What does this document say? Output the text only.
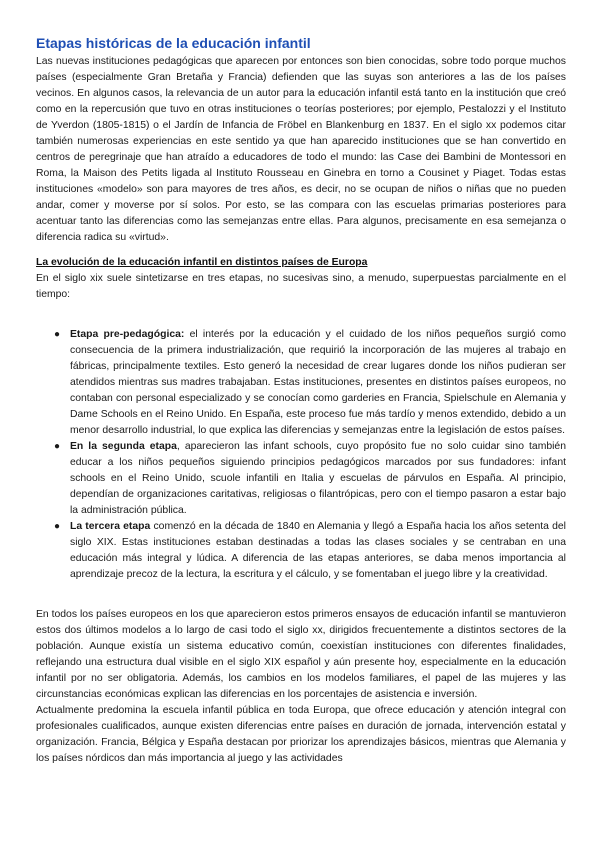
Etapas históricas de la educación infantil

Las nuevas instituciones pedagógicas que aparecen por entonces son bien conocidas, sobre todo porque muchos países (especialmente Gran Bretaña y Francia) defienden que las suyas son anteriores a las de los países vecinos. En algunos casos, la relevancia de un autor para la educación infantil está tanto en la institución que creó como en la repercusión que tuvo en otras instituciones o teorías posteriores; por ejemplo, Pestalozzi y el Instituto de Yverdon (1805-1815) o el Jardín de Infancia de Fröbel en Blankenburg en 1837. En el siglo xx podemos citar también numerosas experiencias en este sentido ya que han aparecido instituciones que se han convertido en centros de peregrinaje que han atraído a educadores de todo el mundo: las Case dei Bambini de Montessori en Roma, la Maison des Petits ligada al Instituto Rousseau en Ginebra en torno a Cousinet y Piaget. Todas estas instituciones «modelo» son para mayores de tres años, es decir, no se ocupan de niños o niñas que no pueden andar, comer y moverse por sí solos. Por esto, se las compara con las escuelas primarias posteriores para acentuar tanto las diferencias como las semejanzas entre ellas. Para algunos, precisamente en esa semejanza o diferencia radica su «virtud».

La evolución de la educación infantil en distintos países de Europa

En el siglo xix suele sintetizarse en tres etapas, no sucesivas sino, a menudo, superpuestas parcialmente en el tiempo:

● Etapa pre-pedagógica: el interés por la educación y el cuidado de los niños pequeños surgió como consecuencia de la primera industrialización, que requirió la incorporación de las mujeres al trabajo en fábricas, principalmente textiles. Esto generó la necesidad de crear lugares donde los niños pudieran ser atendidos mientras sus madres trabajaban. Estas instituciones, presentes en distintos países europeos, no contaban con personal especializado y se conocían como garderies en Francia, Spielschule en Alemania y Dame Schools en el Reino Unido. En España, este proceso fue más tardío y menos extendido, debido a un menor desarrollo industrial, lo que explica las diferencias y semejanzas entre la legislación de estos países.
● En la segunda etapa, aparecieron las infant schools, cuyo propósito fue no solo cuidar sino también educar a los niños pequeños siguiendo principios pedagógicos marcados por sus fundadores: infant schools en el Reino Unido, scuole infantili en Italia y escuelas de párvulos en España. Al principio, dependían de organizaciones caritativas, religiosas o filantrópicas, pero con el tiempo pasaron a estar bajo la administración pública.
● La tercera etapa comenzó en la década de 1840 en Alemania y llegó a España hacia los años setenta del siglo XIX. Estas instituciones estaban destinadas a todas las clases sociales y se centraban en una educación más integral y lúdica. A diferencia de las etapas anteriores, se daba menos importancia al aprendizaje precoz de la lectura, la escritura y el cálculo, y se fomentaban el juego libre y la creatividad.

En todos los países europeos en los que aparecieron estos primeros ensayos de educación infantil se mantuvieron estos dos últimos modelos a lo largo de casi todo el siglo xx, dirigidos frecuentemente a distintos sectores de la población. Aunque existía un sistema educativo común, coexistían instituciones con diferentes finalidades, reflejando una estructura dual visible en el siglo XIX español y aún presente hoy, especialmente en la educación infantil por no ser obligatoria. Además, los cambios en los modelos familiares, el papel de las mujeres y las circunstancias económicas explican las diferencias en los porcentajes de asistencia e inversión.

Actualmente predomina la escuela infantil pública en toda Europa, que ofrece educación y atención integral con profesionales cualificados, aunque existen diferencias entre países en duración de jornada, intervención estatal y organización. Francia, Bélgica y España destacan por priorizar los aprendizajes básicos, mientras que Alemania y los países nórdicos dan más importancia al juego y las actividades
